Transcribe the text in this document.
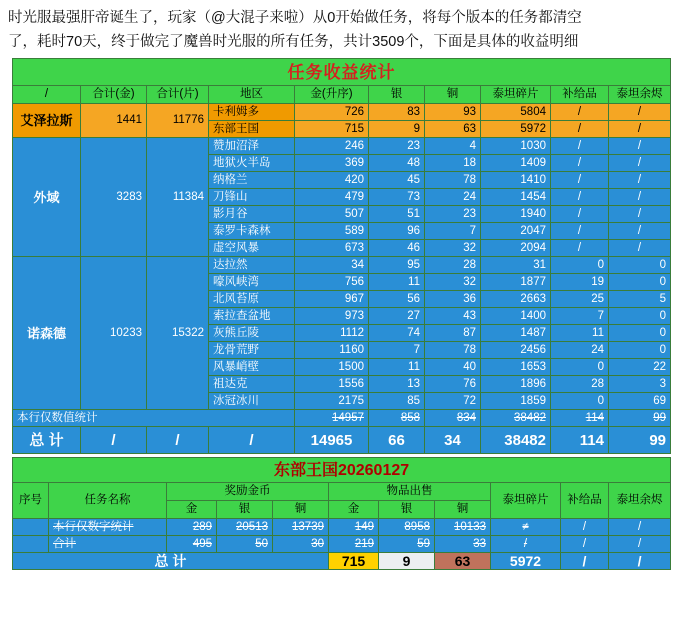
时光服最强肝帝诞生了，玩家（@大混子来啦）从0开始做任务，将每个版本的任务都清空
了，耗时70天，终于做完了魔兽时光服的所有任务，共计3509个，下面是具体的收益明细
任务收益统计									
/	合计(金)	合计(片)	地区	金(升序)	银	铜	泰坦碎片	补给品	泰坦余烬
艾泽拉斯	1441	11776	卡利姆多	726	83	93	5804	/	/
			东部王国	715	9	63	5972	/	/
外域	3283	11384	赞加沼泽	246	23	4	1030	/	/
			地狱火半岛	369	48	18	1409	/	/
			纳格兰	420	45	78	1410	/	/
			刀锋山	479	73	24	1454	/	/
			影月谷	507	51	23	1940	/	/
			泰罗卡森林	589	96	7	2047	/	/
			虚空风暴	673	46	32	2094	/	/
诺森德	10233	15322	达拉然	34	95	28	31	0	0
			嚎风峡湾	756	11	32	1877	19	0
			北风苔原	967	56	36	2663	25	5
			索拉查盆地	973	27	43	1400	7	0
			灰熊丘陵	1112	74	87	1487	11	0
			龙骨荒野	1160	7	78	2456	24	0
			风暴峭壁	1500	11	40	1653	0	22
			祖达克	1556	13	76	1896	28	3
			冰冠冰川	2175	85	72	1859	0	69
本行仅数值统计				14957	858	834	38482	114	99
总 计	/	/	/	14965	66	34	38482	114	99
东部王国20260127										
序号	任务名称	奖励金币			物品出售			泰坦碎片	补给品	泰坦余烬
		金	银	铜	金	银	铜			
	本行仅数字统计	289	20513	13739	149	8958	10133	≠	/	/
	合计	495	50	30	219	59	33	/	/	/
总 计					715	9	63	5972	/	/
